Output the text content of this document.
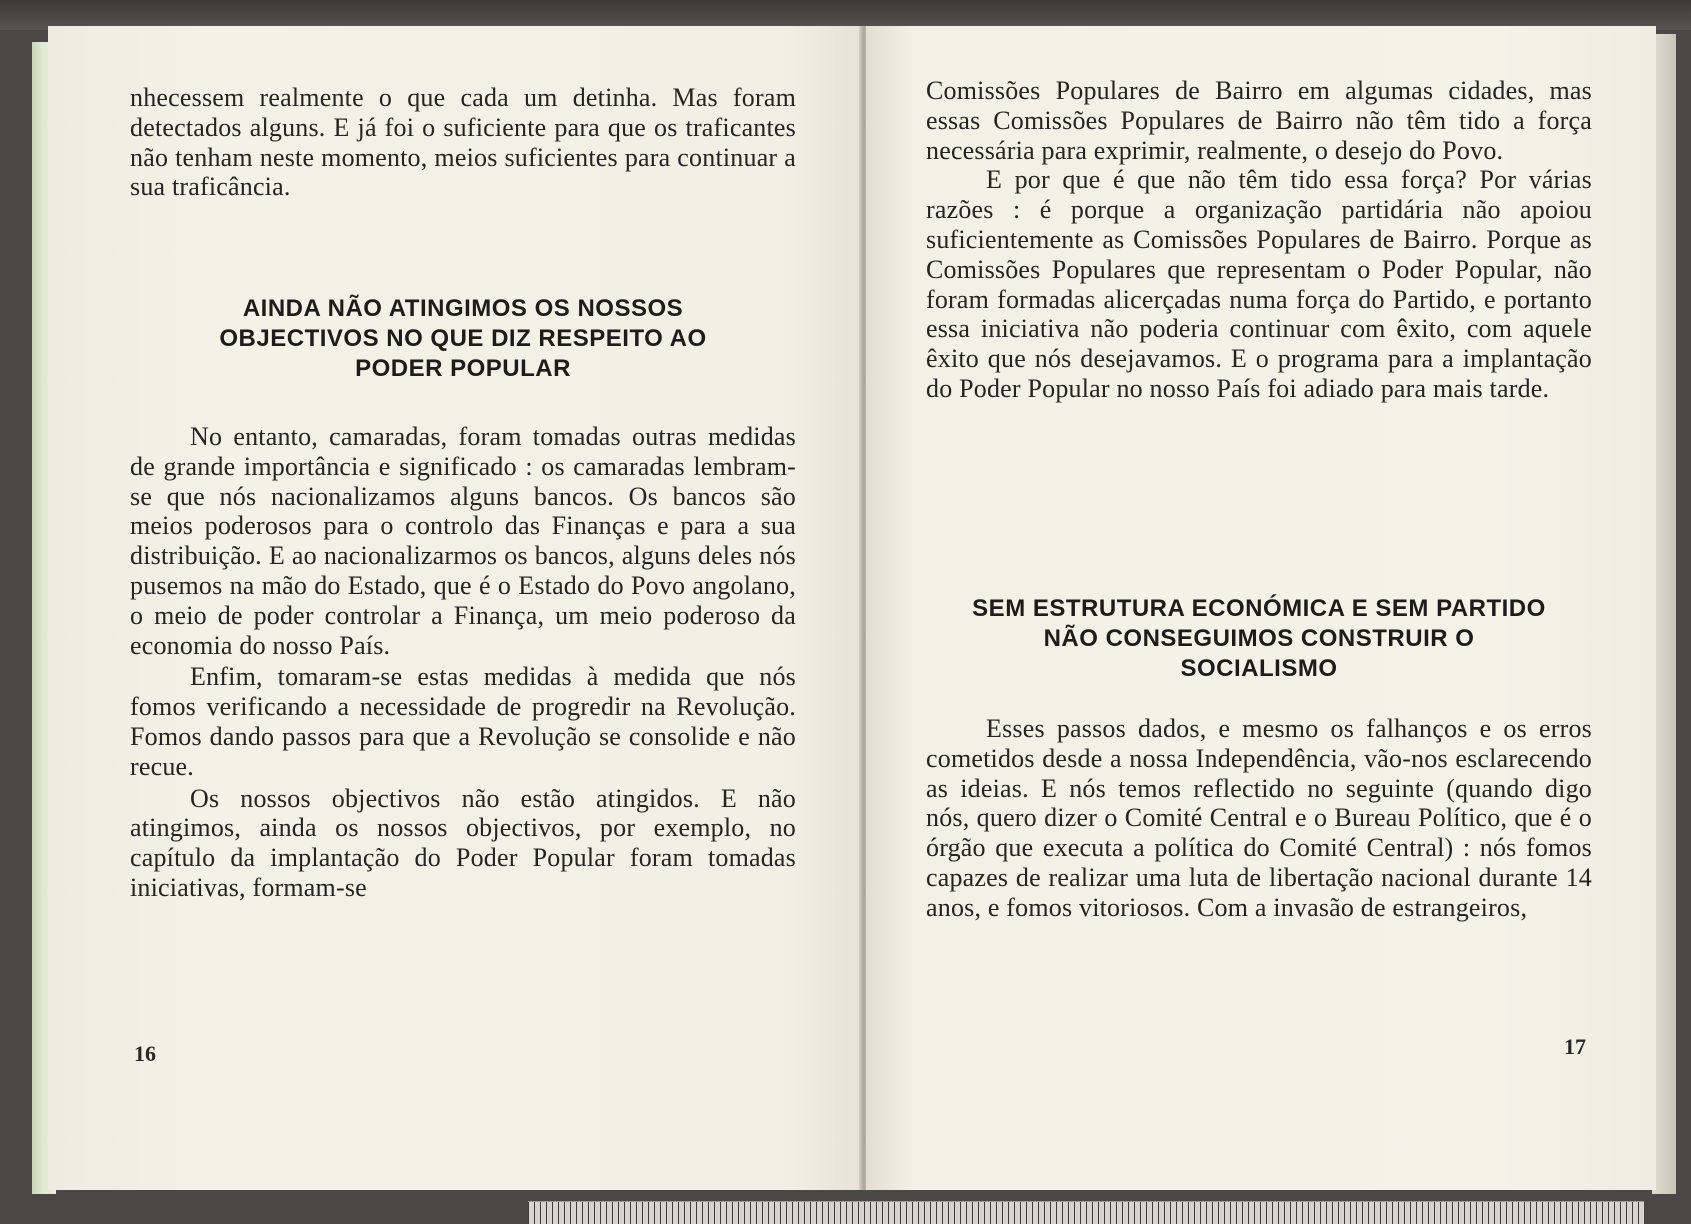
nhecessem realmente o que cada um detinha. Mas foram detectados alguns. E já foi o suficiente para que os traficantes não tenham neste momento, meios suficientes para continuar a sua traficância.

AINDA NÃO ATINGIMOS OS NOSSOS
OBJECTIVOS NO QUE DIZ RESPEITO AO
PODER POPULAR

No entanto, camaradas, foram tomadas outras medidas de grande importância e significado : os camaradas lembram-se que nós nacionalizamos alguns bancos. Os bancos são meios poderosos para o controlo das Finanças e para a sua distribuição. E ao nacionalizarmos os bancos, alguns deles nós pusemos na mão do Estado, que é o Estado do Povo angolano, o meio de poder controlar a Finança, um meio poderoso da economia do nosso País.

Enfim, tomaram-se estas medidas à medida que nós fomos verificando a necessidade de progredir na Revolução. Fomos dando passos para que a Revolução se consolide e não recue.

Os nossos objectivos não estão atingidos. E não atingimos, ainda os nossos objectivos, por exemplo, no capítulo da implantação do Poder Popular foram tomadas iniciativas, formam-se

16

Comissões Populares de Bairro em algumas cidades, mas essas Comissões Populares de Bairro não têm tido a força necessária para exprimir, realmente, o desejo do Povo.

E por que é que não têm tido essa força? Por várias razões : é porque a organização partidária não apoiou suficientemente as Comissões Populares de Bairro. Porque as Comissões Populares que representam o Poder Popular, não foram formadas alicerçadas numa força do Partido, e portanto essa iniciativa não poderia continuar com êxito, com aquele êxito que nós desejavamos. E o programa para a implantação do Poder Popular no nosso País foi adiado para mais tarde.

SEM ESTRUTURA ECONÓMICA E SEM PARTIDO
NÃO CONSEGUIMOS CONSTRUIR O
SOCIALISMO

Esses passos dados, e mesmo os falhanços e os erros cometidos desde a nossa Independência, vão-nos esclarecendo as ideias. E nós temos reflectido no seguinte (quando digo nós, quero dizer o Comité Central e o Bureau Político, que é o órgão que executa a política do Comité Central) : nós fomos capazes de realizar uma luta de libertação nacional durante 14 anos, e fomos vitoriosos. Com a invasão de estrangeiros,

17
